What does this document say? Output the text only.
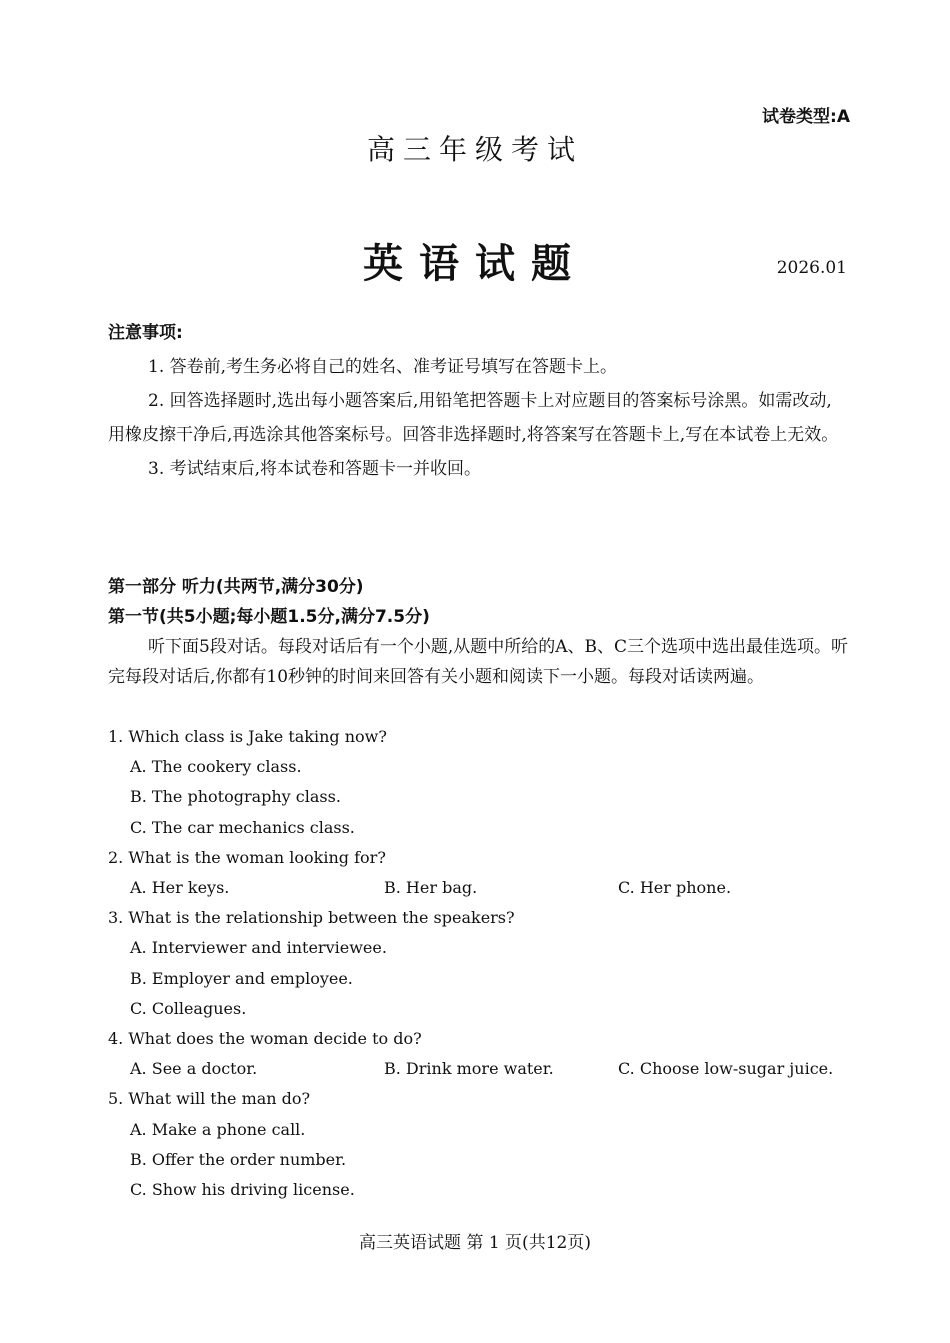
试卷类型:A
高三年级考试
英语试题	2026.01
注意事项:
1. 答卷前,考生务必将自己的姓名、准考证号填写在答题卡上。
2. 回答选择题时,选出每小题答案后,用铅笔把答题卡上对应题目的答案标号涂黑。如需改动,用橡皮擦干净后,再选涂其他答案标号。回答非选择题时,将答案写在答题卡上,写在本试卷上无效。
3. 考试结束后,将本试卷和答题卡一并收回。
第一部分 听力(共两节,满分30分)
第一节(共5小题;每小题1.5分,满分7.5分)
听下面5段对话。每段对话后有一个小题,从题中所给的A、B、C三个选项中选出最佳选项。听完每段对话后,你都有10秒钟的时间来回答有关小题和阅读下一小题。每段对话读两遍。
1. Which class is Jake taking now?
A. The cookery class.
B. The photography class.
C. The car mechanics class.
2. What is the woman looking for?
A. Her keys.	B. Her bag.	C. Her phone.
3. What is the relationship between the speakers?
A. Interviewer and interviewee.
B. Employer and employee.
C. Colleagues.
4. What does the woman decide to do?
A. See a doctor.	B. Drink more water.	C. Choose low-sugar juice.
5. What will the man do?
A. Make a phone call.
B. Offer the order number.
C. Show his driving license.
高三英语试题 第 1 页(共12页)
